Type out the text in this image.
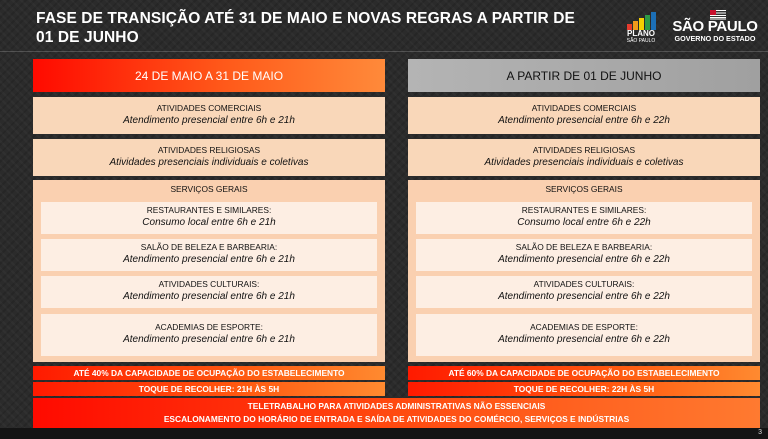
FASE DE TRANSIÇÃO ATÉ 31 DE MAIO E NOVAS REGRAS A PARTIR DE 01 DE JUNHO	PLANO
SÃO PAULO
SÃO PAULO
GOVERNO DO ESTADO
24 DE MAIO A 31 DE MAIO
ATIVIDADES COMERCIAIS
Atendimento presencial entre 6h e 21h
ATIVIDADES RELIGIOSAS
Atividades presenciais individuais e coletivas
SERVIÇOS GERAIS
RESTAURANTES E SIMILARES:
Consumo local entre 6h e 21h
SALÃO DE BELEZA E BARBEARIA:
Atendimento presencial entre 6h e 21h
ATIVIDADES CULTURAIS:
Atendimento presencial entre 6h e 21h
ACADEMIAS DE ESPORTE:
Atendimento presencial entre 6h e 21h
ATÉ 40% DA CAPACIDADE DE OCUPAÇÃO DO ESTABELECIMENTO
TOQUE DE RECOLHER: 21H ÀS 5H
A PARTIR DE 01 DE JUNHO
ATIVIDADES COMERCIAIS
Atendimento presencial entre 6h e 22h
ATIVIDADES RELIGIOSAS
Atividades presenciais individuais e coletivas
SERVIÇOS GERAIS
RESTAURANTES E SIMILARES:
Consumo local entre 6h e 22h
SALÃO DE BELEZA E BARBEARIA:
Atendimento presencial entre 6h e 22h
ATIVIDADES CULTURAIS:
Atendimento presencial entre 6h e 22h
ACADEMIAS DE ESPORTE:
Atendimento presencial entre 6h e 22h
ATÉ 60% DA CAPACIDADE DE OCUPAÇÃO DO ESTABELECIMENTO
TOQUE DE RECOLHER: 22H ÀS 5H
TELETRABALHO PARA ATIVIDADES ADMINISTRATIVAS NÃO ESSENCIAIS
ESCALONAMENTO DO HORÁRIO DE ENTRADA E SAÍDA DE ATIVIDADES DO COMÉRCIO, SERVIÇOS E INDÚSTRIAS
3
